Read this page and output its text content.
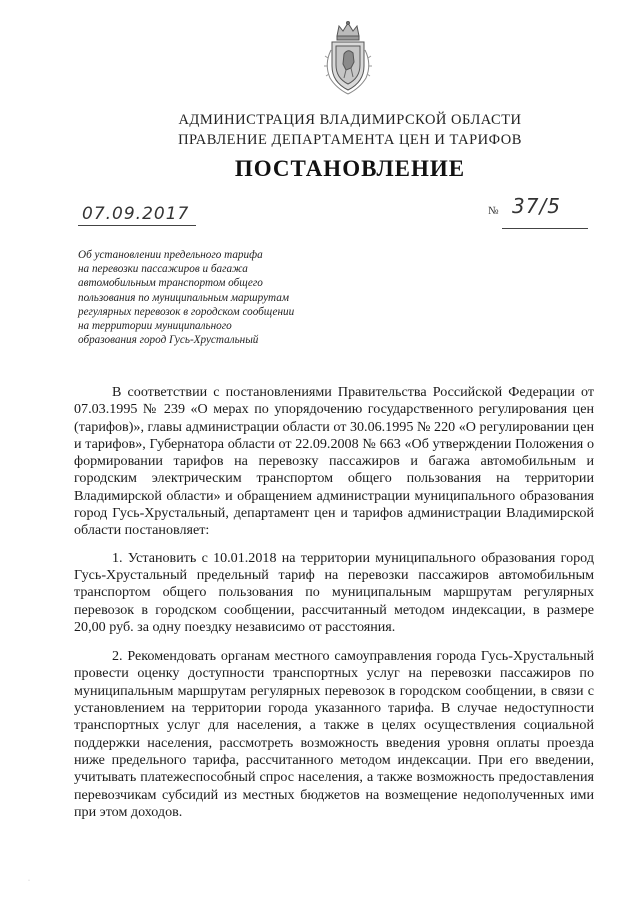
АДМИНИСТРАЦИЯ ВЛАДИМИРСКОЙ ОБЛАСТИ
ПРАВЛЕНИЕ ДЕПАРТАМЕНТА ЦЕН И ТАРИФОВ
ПОСТАНОВЛЕНИЕ
07.09.2017	№ 37/5
Об установлении предельного тарифа
на перевозки пассажиров и багажа
автомобильным транспортом общего
пользования по муниципальным маршрутам
регулярных перевозок в городском сообщении
на территории муниципального
образования город Гусь-Хрустальный

В соответствии с постановлениями Правительства Российской Федерации от 07.03.1995 № 239 «О мерах по упорядочению государственного регулирования цен (тарифов)», главы администрации области от 30.06.1995 № 220 «О регулировании цен и тарифов», Губернатора области от 22.09.2008 № 663 «Об утверждении Положения о формировании тарифов на перевозку пассажиров и багажа автомобильным и городским электрическим транспортом общего пользования на территории Владимирской области» и обращением администрации муниципального образования город Гусь-Хрустальный, департамент цен и тарифов администрации Владимирской области постановляет:

1. Установить с 10.01.2018 на территории муниципального образования город Гусь-Хрустальный предельный тариф на перевозки пассажиров автомобильным транспортом общего пользования по муниципальным маршрутам регулярных перевозок в городском сообщении, рассчитанный методом индексации, в размере 20,00 руб. за одну поездку независимо от расстояния.

2. Рекомендовать органам местного самоуправления города Гусь-Хрустальный провести оценку доступности транспортных услуг на перевозки пассажиров по муниципальным маршрутам регулярных перевозок в городском сообщении, в связи с установлением на территории города указанного тарифа. В случае недоступности транспортных услуг для населения, а также в целях осуществления социальной поддержки населения, рассмотреть возможность введения уровня оплаты проезда ниже предельного тарифа, рассчитанного методом индексации. При его введении, учитывать платежеспособный спрос населения, а также возможность предоставления перевозчикам субсидий из местных бюджетов на возмещение недополученных ими при этом доходов.

·
